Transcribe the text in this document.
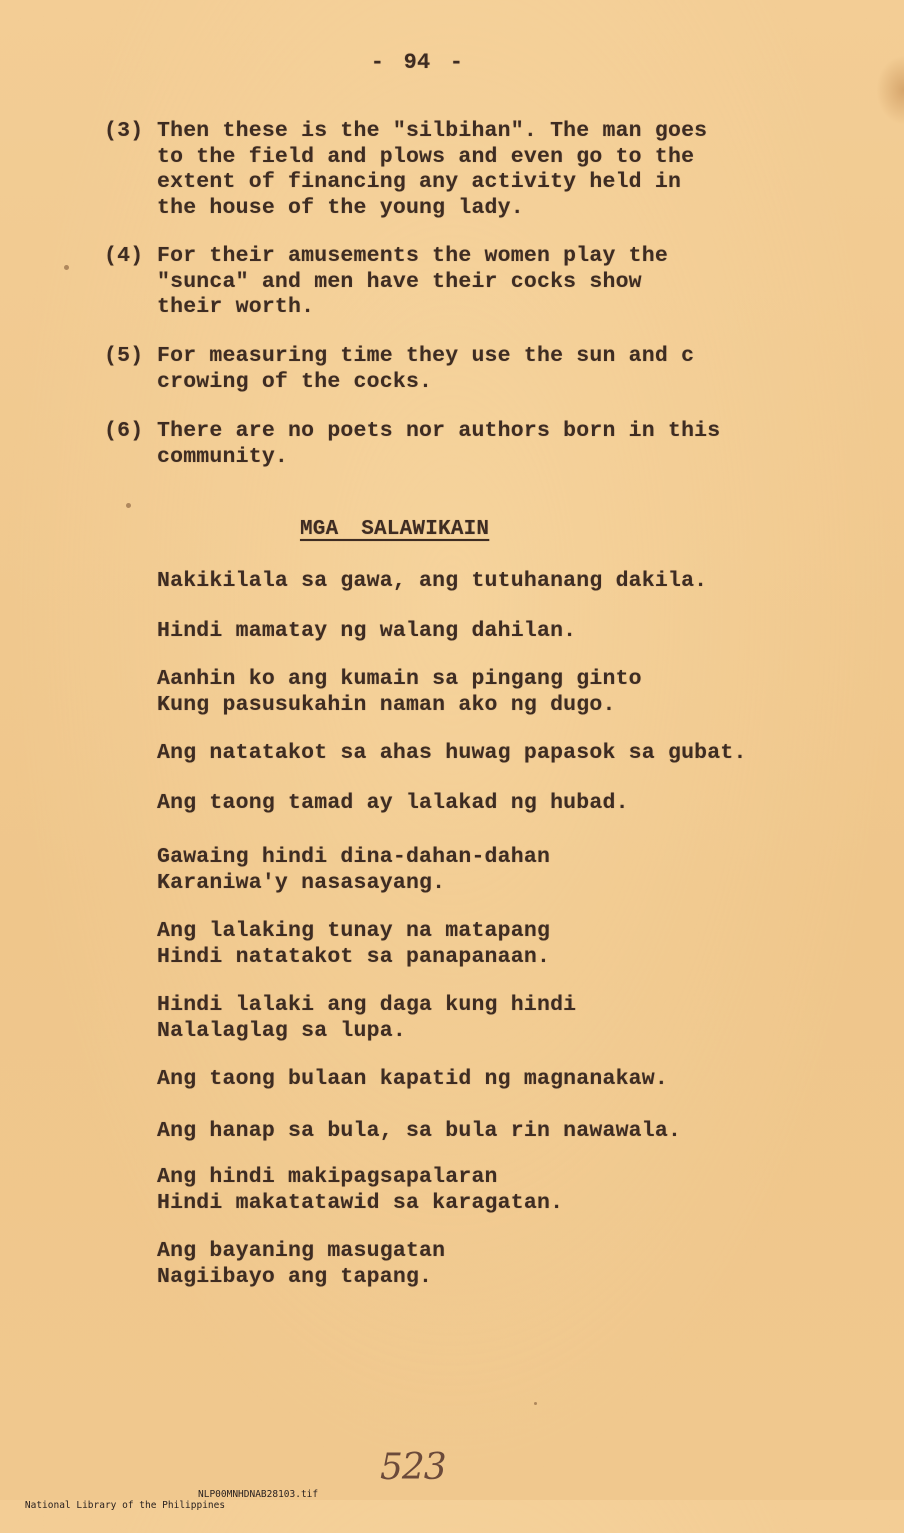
- 94 -
(3) Then these is the "silbihan". The man goes
to the field and plows and even go to the
extent of financing any activity held in
the house of the young lady.
(4) For their amusements the women play the
"sunca" and men have their cocks show
their worth.
(5) For measuring time they use the sun and c
crowing of the cocks.
(6) There are no poets nor authors born in this
community.
MGA SALAWIKAIN
Nakikilala sa gawa, ang tutuhanang dakila.
Hindi mamatay ng walang dahilan.
Aanhin ko ang kumain sa pingang ginto
Kung pasusukahin naman ako ng dugo.
Ang natatakot sa ahas huwag papasok sa gubat.
Ang taong tamad ay lalakad ng hubad.
Gawaing hindi dina-dahan-dahan
Karaniwa'y nasasayang.
Ang lalaking tunay na matapang
Hindi natatakot sa panapanaan.
Hindi lalaki ang daga kung hindi
Nalalaglag sa lupa.
Ang taong bulaan kapatid ng magnanakaw.
Ang hanap sa bula, sa bula rin nawawala.
Ang hindi makipagsapalaran
Hindi makatatawid sa karagatan.
Ang bayaning masugatan
Nagiibayo ang tapang.
523

National Library of the Philippines

NLP00MNHDNAB28103.tif
